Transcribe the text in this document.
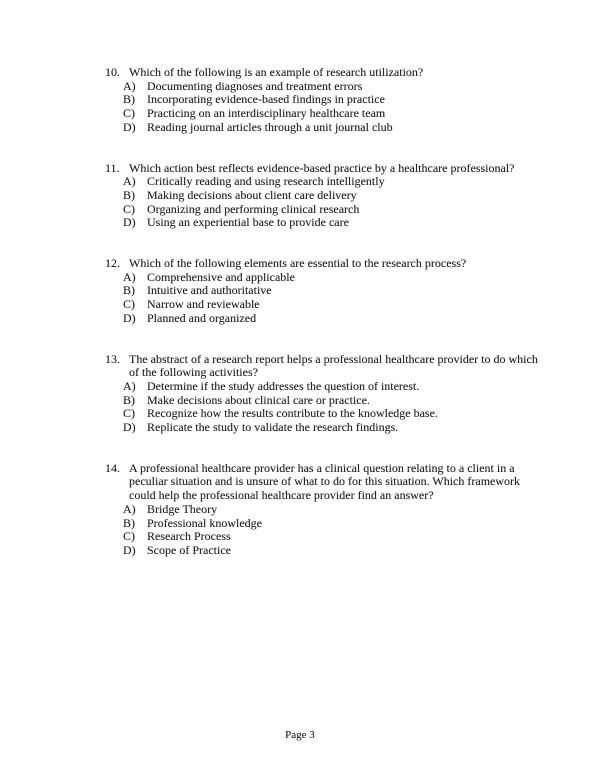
10. Which of the following is an example of research utilization?
A) Documenting diagnoses and treatment errors
B)	Incorporating evidence-based findings in practice
C)	Practicing on an interdisciplinary healthcare team
D) Reading journal articles through a unit journal club
11. Which action best reflects evidence-based practice by a healthcare professional?
A) Critically reading and using research intelligently
B)	Making decisions about client care delivery
C)	Organizing and performing clinical research
D) Using an experiential base to provide care
12. Which of the following elements are essential to the research process?
A) Comprehensive and applicable
B)	Intuitive and authoritative
C)	Narrow and reviewable
D) Planned and organized
13. The abstract of a research report helps a professional healthcare provider to do which of the following activities?
A) Determine if the study addresses the question of interest.
B)	Make decisions about clinical care or practice.
C)	Recognize how the results contribute to the knowledge base.
D) Replicate the study to validate the research findings.
14. A professional healthcare provider has a clinical question relating to a client in a peculiar situation and is unsure of what to do for this situation. Which framework could help the professional healthcare provider find an answer?
A) Bridge Theory
B)	Professional knowledge
C)	Research Process
D) Scope of Practice
Page 3
